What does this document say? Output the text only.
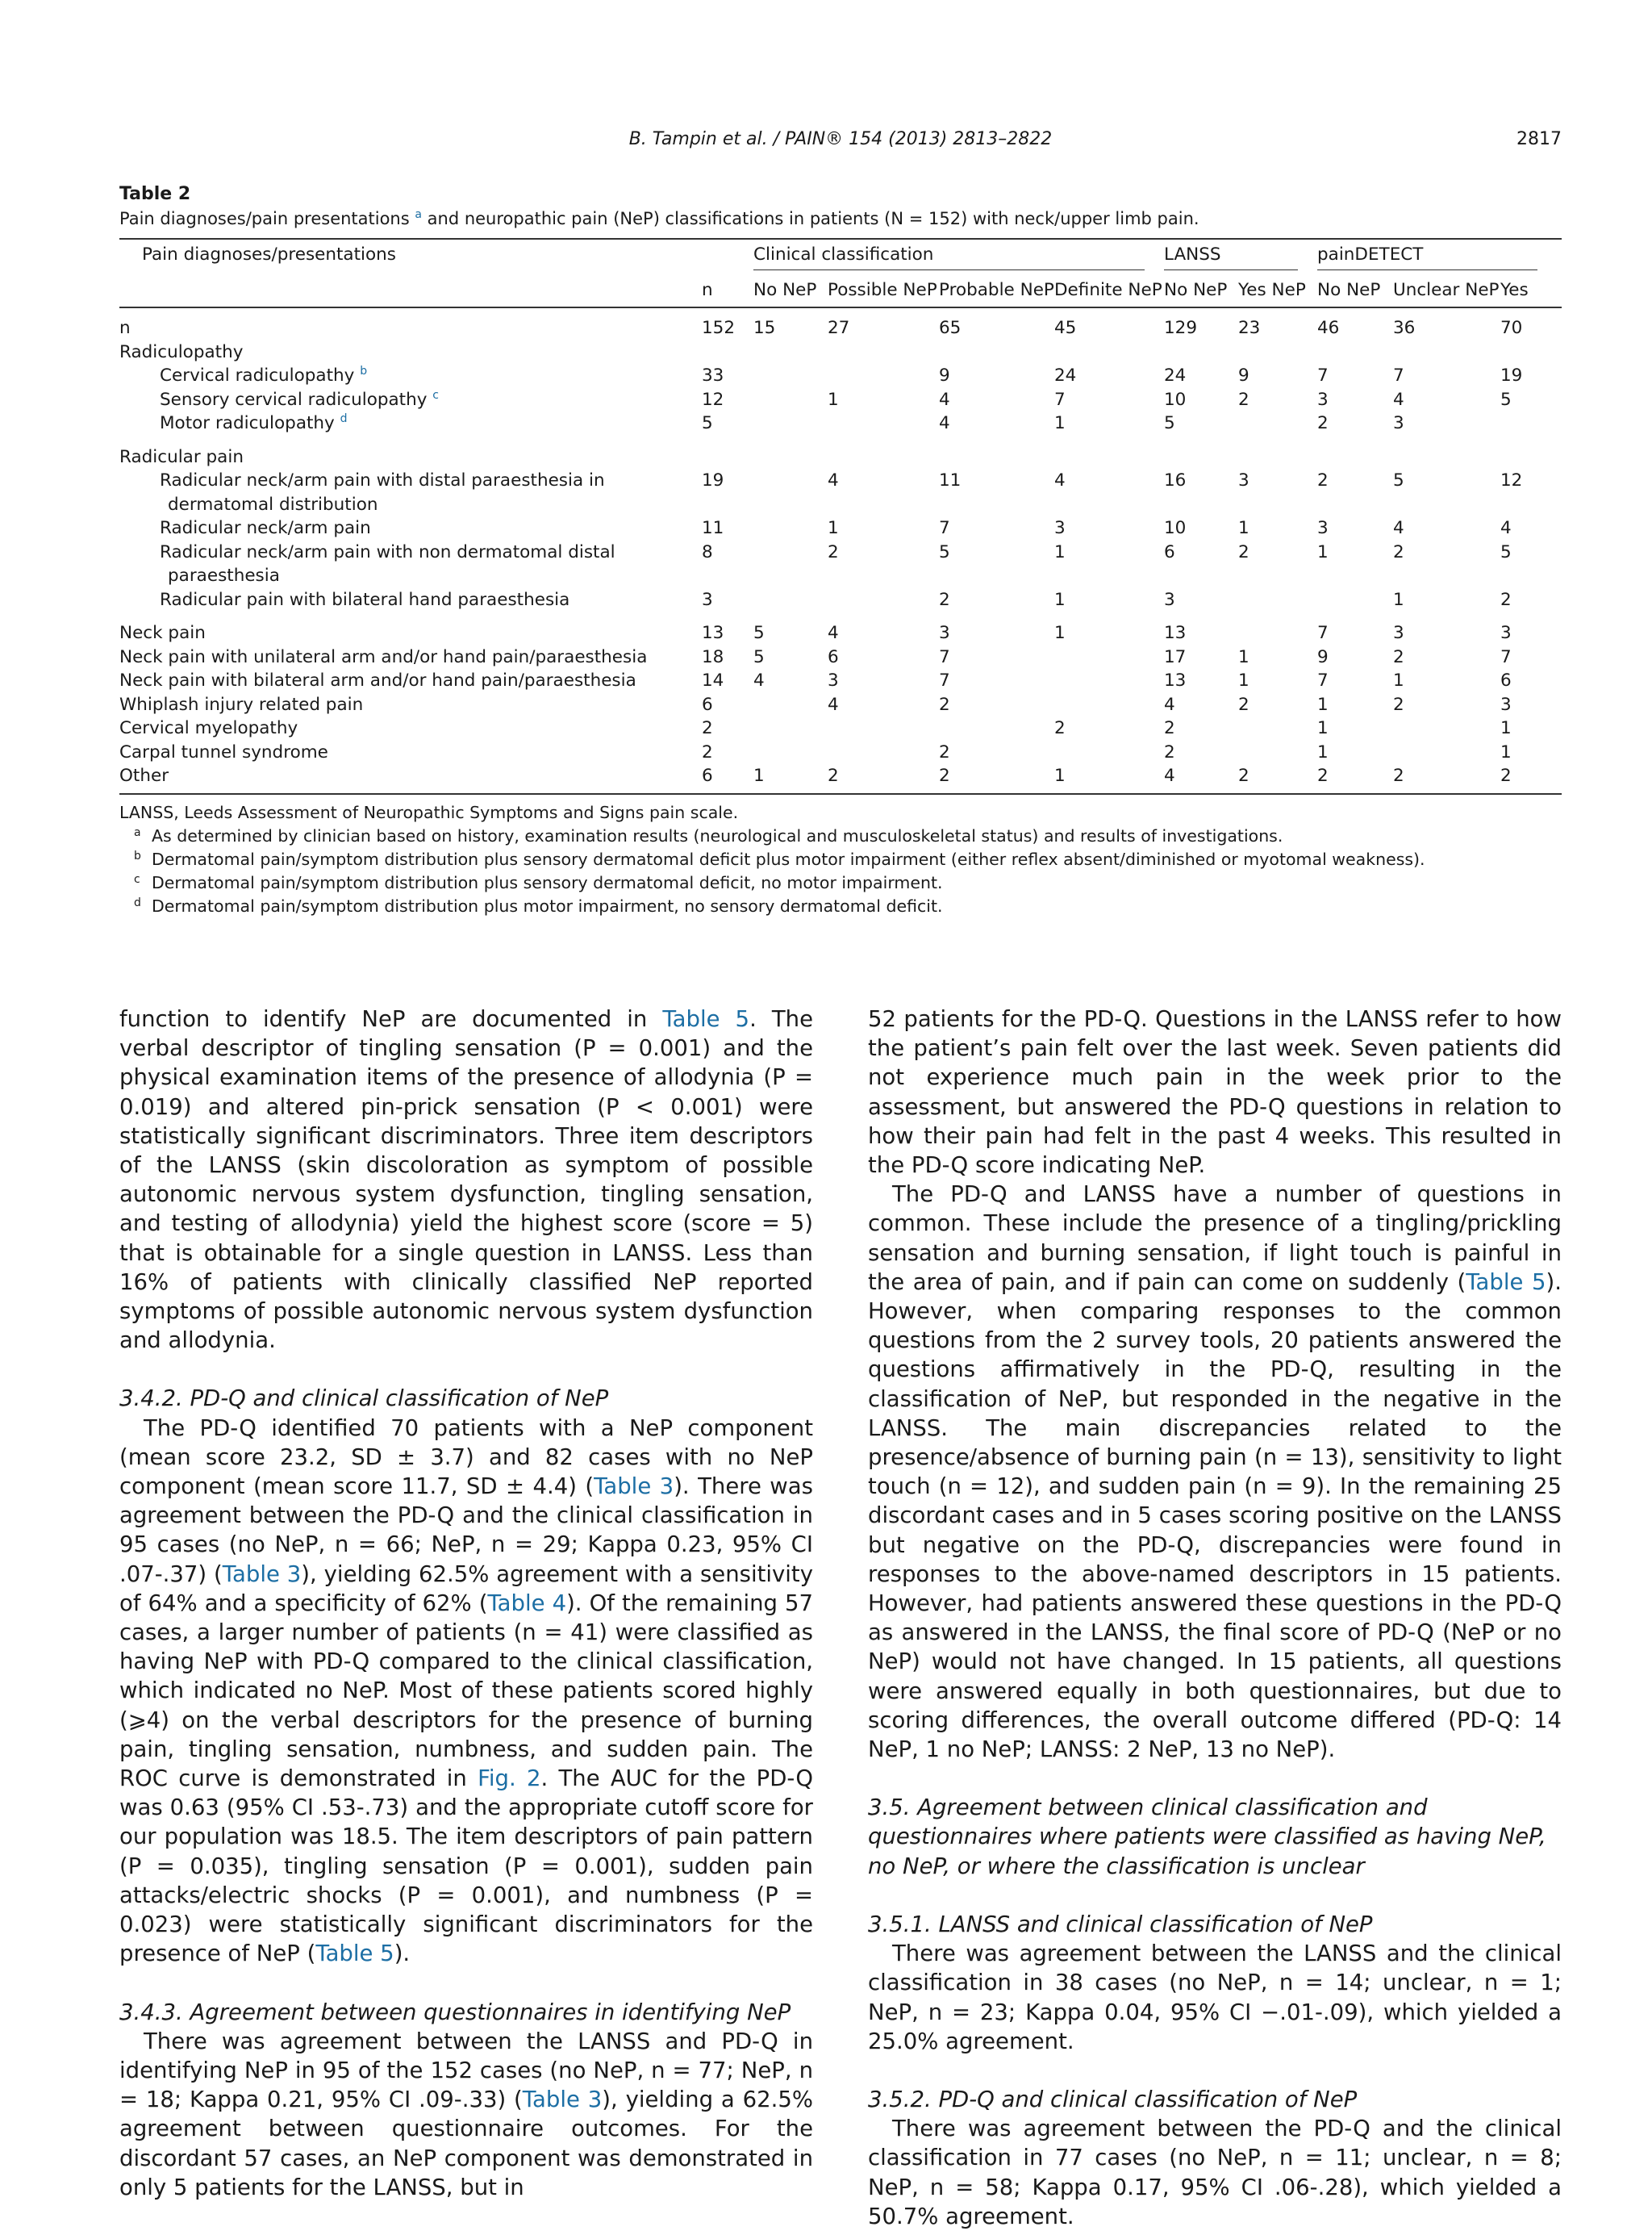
B. Tampin et al. / PAIN® 154 (2013) 2813–2822	2817
Table 2
Pain diagnoses/pain presentations $^a$ and neuropathic pain (NeP) classifications in patients (N = 152) with neck/upper limb pain.
Pain diagnoses/presentations		Clinical classification				LANSS		painDETECT		

	n	No NeP	Possible NeP	Probable NeP	Definite NeP	No NeP	Yes NeP	No NeP	Unclear NeP	Yes
n	152	15	27	65	45	129	23	46	36	70
Radiculopathy										
Cervical radiculopathy $^b$	33			9	24	24	9	7	7	19
Sensory cervical radiculopathy $^c$	12		1	4	7	10	2	3	4	5
Motor radiculopathy $^d$	5			4	1	5		2	3	
Radicular pain										
Radicular neck/arm pain with distal paraesthesia in
dermatomal distribution	19		4	11	4	16	3	2	5	12
Radicular neck/arm pain	11		1	7	3	10	1	3	4	4
Radicular neck/arm pain with non dermatomal distal
paraesthesia	8		2	5	1	6	2	1	2	5
Radicular pain with bilateral hand paraesthesia	3			2	1	3			1	2
Neck pain	13	5	4	3	1	13		7	3	3
Neck pain with unilateral arm and/or hand pain/paraesthesia	18	5	6	7		17	1	9	2	7
Neck pain with bilateral arm and/or hand pain/paraesthesia	14	4	3	7		13	1	7	1	6
Whiplash injury related pain	6		4	2		4	2	1	2	3
Cervical myelopathy	2				2	2		1		1
Carpal tunnel syndrome	2			2		2		1		1
Other	6	1	2	2	1	4	2	2	2	2
LANSS, Leeds Assessment of Neuropathic Symptoms and Signs pain scale.
a As determined by clinician based on history, examination results (neurological and musculoskeletal status) and results of investigations.
b Dermatomal pain/symptom distribution plus sensory dermatomal deficit plus motor impairment (either reflex absent/diminished or myotomal weakness).
c Dermatomal pain/symptom distribution plus sensory dermatomal deficit, no motor impairment.
d Dermatomal pain/symptom distribution plus motor impairment, no sensory dermatomal deficit.

function to identify NeP are documented in Table 5. The verbal descriptor of tingling sensation (P = 0.001) and the physical examination items of the presence of allodynia (P = 0.019) and altered pin-prick sensation (P < 0.001) were statistically significant discriminators. Three item descriptors of the LANSS (skin discoloration as symptom of possible autonomic nervous system dysfunction, tingling sensation, and testing of allodynia) yield the highest score (score = 5) that is obtainable for a single question in LANSS. Less than 16% of patients with clinically classified NeP reported symptoms of possible autonomic nervous system dysfunction and allodynia.

3.4.2. PD-Q and clinical classification of NeP

The PD-Q identified 70 patients with a NeP component (mean score 23.2, SD ± 3.7) and 82 cases with no NeP component (mean score 11.7, SD ± 4.4) (Table 3). There was agreement between the PD-Q and the clinical classification in 95 cases (no NeP, n = 66; NeP, n = 29; Kappa 0.23, 95% CI .07-.37) (Table 3), yielding 62.5% agreement with a sensitivity of 64% and a specificity of 62% (Table 4). Of the remaining 57 cases, a larger number of patients (n = 41) were classified as having NeP with PD-Q compared to the clinical classification, which indicated no NeP. Most of these patients scored highly (⩾4) on the verbal descriptors for the presence of burning pain, tingling sensation, numbness, and sudden pain. The ROC curve is demonstrated in Fig. 2. The AUC for the PD-Q was 0.63 (95% CI .53-.73) and the appropriate cutoff score for our population was 18.5. The item descriptors of pain pattern (P = 0.035), tingling sensation (P = 0.001), sudden pain attacks/electric shocks (P = 0.001), and numbness (P = 0.023) were statistically significant discriminators for the presence of NeP (Table 5).

3.4.3. Agreement between questionnaires in identifying NeP

There was agreement between the LANSS and PD-Q in identifying NeP in 95 of the 152 cases (no NeP, n = 77; NeP, n = 18; Kappa 0.21, 95% CI .09-.33) (Table 3), yielding a 62.5% agreement between questionnaire outcomes. For the discordant 57 cases, an NeP component was demonstrated in only 5 patients for the LANSS, but in

52 patients for the PD-Q. Questions in the LANSS refer to how the patient’s pain felt over the last week. Seven patients did not experience much pain in the week prior to the assessment, but answered the PD-Q questions in relation to how their pain had felt in the past 4 weeks. This resulted in the PD-Q score indicating NeP.

The PD-Q and LANSS have a number of questions in common. These include the presence of a tingling/prickling sensation and burning sensation, if light touch is painful in the area of pain, and if pain can come on suddenly (Table 5). However, when comparing responses to the common questions from the 2 survey tools, 20 patients answered the questions affirmatively in the PD-Q, resulting in the classification of NeP, but responded in the negative in the LANSS. The main discrepancies related to the presence/absence of burning pain (n = 13), sensitivity to light touch (n = 12), and sudden pain (n = 9). In the remaining 25 discordant cases and in 5 cases scoring positive on the LANSS but negative on the PD-Q, discrepancies were found in responses to the above-named descriptors in 15 patients. However, had patients answered these questions in the PD-Q as answered in the LANSS, the final score of PD-Q (NeP or no NeP) would not have changed. In 15 patients, all questions were answered equally in both questionnaires, but due to scoring differences, the overall outcome differed (PD-Q: 14 NeP, 1 no NeP; LANSS: 2 NeP, 13 no NeP).

3.5. Agreement between clinical classification and questionnaires where patients were classified as having NeP, no NeP, or where the classification is unclear
3.5.1. LANSS and clinical classification of NeP

There was agreement between the LANSS and the clinical classification in 38 cases (no NeP, n = 14; unclear, n = 1; NeP, n = 23; Kappa 0.04, 95% CI −.01-.09), which yielded a 25.0% agreement.

3.5.2. PD-Q and clinical classification of NeP

There was agreement between the PD-Q and the clinical classification in 77 cases (no NeP, n = 11; unclear, n = 8; NeP, n = 58; Kappa 0.17, 95% CI .06-.28), which yielded a 50.7% agreement.
